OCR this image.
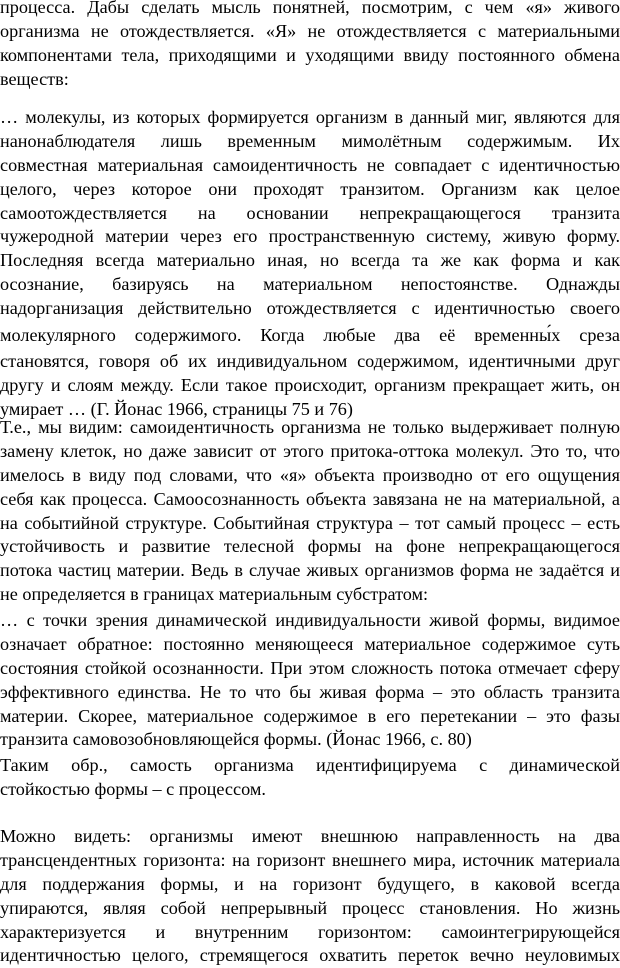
процесса. Дабы сделать мысль понятней, посмотрим, с чем «я» живого
организма не отождествляется. «Я» не отождествляется с материальными
компонентами тела, приходящими и уходящими ввиду постоянного обмена
веществ:

… молекулы, из которых формируется организм в данный миг, являются для
нанонаблюдателя лишь временным мимолётным содержимым. Их
совместная материальная самоидентичность не совпадает с идентичностью
целого, через которое они проходят транзитом. Организм как целое
самоотождествляется на основании непрекращающегося транзита
чужеродной материи через его пространственную систему, живую форму.
Последняя всегда материально иная, но всегда та же как форма и как
осознание, базируясь на материальном непостоянстве. Однажды
надорганизация действительно отождествляется с идентичностью своего
молекулярного содержимого. Когда любые два её временны́х среза
становятся, говоря об их индивидуальном содержимом, идентичными друг
другу и слоям между. Если такое происходит, организм прекращает жить, он
умирает … (Г. Йонас 1966, страницы 75 и 76)

Т.е., мы видим: самоидентичность организма не только выдерживает полную
замену клеток, но даже зависит от этого притока-оттока молекул. Это то, что
имелось в виду под словами, что «я» объекта производно от его ощущения
себя как процесса. Самоосознанность объекта завязана не на материальной, а
на событийной структуре. Событийная структура – тот самый процесс – есть
устойчивость и развитие телесной формы на фоне непрекращающегося
потока частиц материи. Ведь в случае живых организмов форма не задаётся и
не определяется в границах материальным субстратом:

… с точки зрения динамической индивидуальности живой формы, видимое
означает обратное: постоянно меняющееся материальное содержимое суть
состояния стойкой осознанности. При этом сложность потока отмечает сферу
эффективного единства. Не то что бы живая форма – это область транзита
материи. Скорее, материальное содержимое в его перетекании – это фазы
транзита самовозобновляющейся формы. (Йонас 1966, с. 80)

Таким обр., самость организма идентифицируема с динамической
стойкостью формы – с процессом.

Можно видеть: организмы имеют внешнюю направленность на два
трансцендентных горизонта: на горизонт внешнего мира, источник материала
для поддержания формы, и на горизонт будущего, в каковой всегда
упираются, являя собой непрерывный процесс становления. Но жизнь
характеризуется и внутренним горизонтом: самоинтегрирующейся
идентичностью целого, стремящегося охватить переток вечно неуловимых
